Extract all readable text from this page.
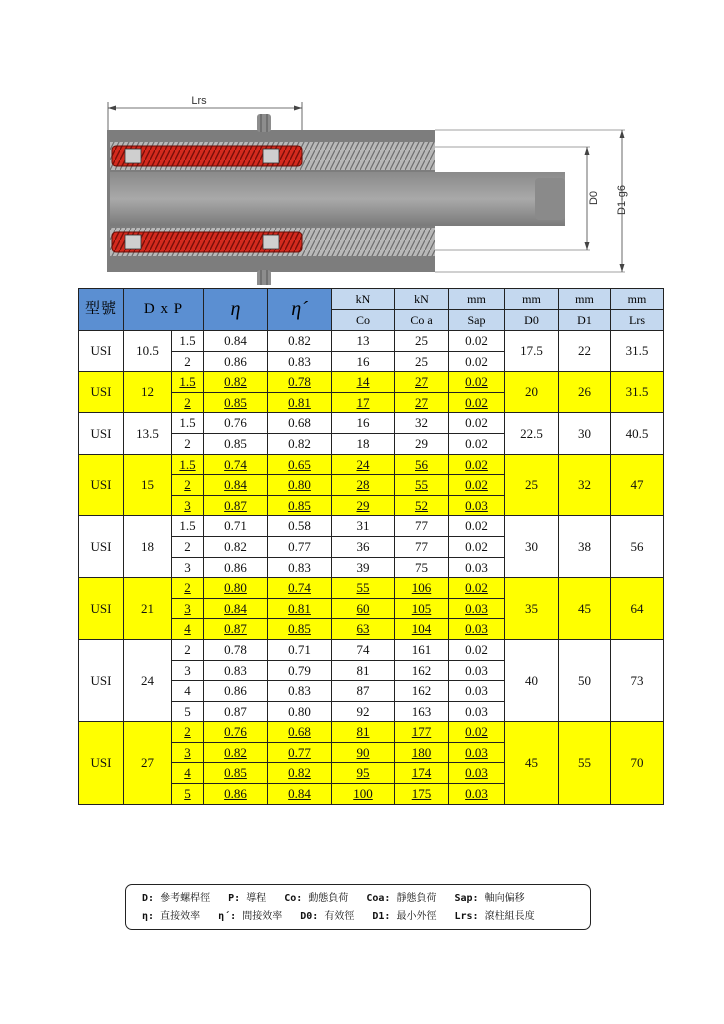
Lrs
D0 D1-g6
型號	D x P		η	η´	kN	kN	mm	mm	mm	mm
					Co	Co a	Sap	D0	D1	Lrs
USI	10.5	1.5	0.84	0.82	13	25	0.02	17.5	22	31.5
		2	0.86	0.83	16	25	0.02			
USI	12	1.5	0.82	0.78	14	27	0.02	20	26	31.5
		2	0.85	0.81	17	27	0.02			
USI	13.5	1.5	0.76	0.68	16	32	0.02	22.5	30	40.5
		2	0.85	0.82	18	29	0.02			
USI	15	1.5	0.74	0.65	24	56	0.02	25	32	47
		2	0.84	0.80	28	55	0.02			
		3	0.87	0.85	29	52	0.03			
USI	18	1.5	0.71	0.58	31	77	0.02	30	38	56
		2	0.82	0.77	36	77	0.02			
		3	0.86	0.83	39	75	0.03			
USI	21	2	0.80	0.74	55	106	0.02	35	45	64
		3	0.84	0.81	60	105	0.03			
		4	0.87	0.85	63	104	0.03			
USI	24	2	0.78	0.71	74	161	0.02	40	50	73
		3	0.83	0.79	81	162	0.03			
		4	0.86	0.83	87	162	0.03			
		5	0.87	0.80	92	163	0.03			
USI	27	2	0.76	0.68	81	177	0.02	45	55	70
		3	0.82	0.77	90	180	0.03			
		4	0.85	0.82	95	174	0.03			
		5	0.86	0.84	100	175	0.03			
D: 參考螺桿徑 P: 導程 Co: 動態負荷 Coa: 靜態負荷 Sap: 軸向偏移
η: 直接效率 η´: 間接效率 D0: 有效徑 D1: 最小外徑 Lrs: 滾柱組長度
